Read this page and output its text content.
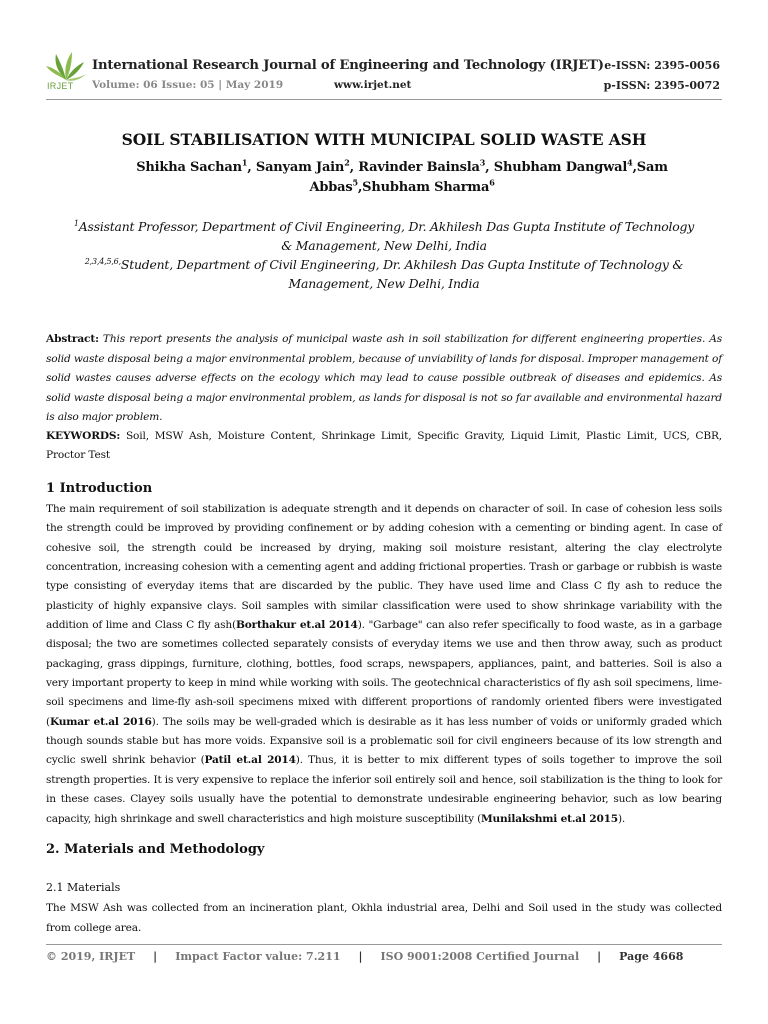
IRJET
International Research Journal of Engineering and Technology (IRJET)
Volume: 06 Issue: 05 | May 2019	www.irjet.net
e-ISSN: 2395-0056
p-ISSN: 2395-0072
SOIL STABILISATION WITH MUNICIPAL SOLID WASTE ASH
Shikha Sachan$^1$, Sanyam Jain$^2$, Ravinder Bainsla$^3$, Shubham Dangwal$^4$,Sam Abbas$^5$,Shubham Sharma$^6$
$^1$Assistant Professor, Department of Civil Engineering, Dr. Akhilesh Das Gupta Institute of Technology & Management, New Delhi, India
$^{2,3,4,5,6,}$Student, Department of Civil Engineering, Dr. Akhilesh Das Gupta Institute of Technology & Management, New Delhi, India
Abstract: This report presents the analysis of municipal waste ash in soil stabilization for different engineering properties. As solid waste disposal being a major environmental problem, because of unviability of lands for disposal. Improper management of solid wastes causes adverse effects on the ecology which may lead to cause possible outbreak of diseases and epidemics. As solid waste disposal being a major environmental problem, as lands for disposal is not so far available and environmental hazard is also major problem.
KEYWORDS: Soil, MSW Ash, Moisture Content, Shrinkage Limit, Specific Gravity, Liquid Limit, Plastic Limit, UCS, CBR, Proctor Test
1 Introduction
The main requirement of soil stabilization is adequate strength and it depends on character of soil. In case of cohesion less soils the strength could be improved by providing confinement or by adding cohesion with a cementing or binding agent. In case of cohesive soil, the strength could be increased by drying, making soil moisture resistant, altering the clay electrolyte concentration, increasing cohesion with a cementing agent and adding frictional properties. Trash or garbage or rubbish is waste type consisting of everyday items that are discarded by the public. They have used lime and Class C fly ash to reduce the plasticity of highly expansive clays. Soil samples with similar classification were used to show shrinkage variability with the addition of lime and Class C fly ash(Borthakur et.al 2014). "Garbage" can also refer specifically to food waste, as in a garbage disposal; the two are sometimes collected separately consists of everyday items we use and then throw away, such as product packaging, grass dippings, furniture, clothing, bottles, food scraps, newspapers, appliances, paint, and batteries. Soil is also a very important property to keep in mind while working with soils. The geotechnical characteristics of fly ash soil specimens, lime-soil specimens and lime-fly ash-soil specimens mixed with different proportions of randomly oriented fibers were investigated (Kumar et.al 2016). The soils may be well-graded which is desirable as it has less number of voids or uniformly graded which though sounds stable but has more voids. Expansive soil is a problematic soil for civil engineers because of its low strength and cyclic swell shrink behavior (Patil et.al 2014). Thus, it is better to mix different types of soils together to improve the soil strength properties. It is very expensive to replace the inferior soil entirely soil and hence, soil stabilization is the thing to look for in these cases. Clayey soils usually have the potential to demonstrate undesirable engineering behavior, such as low bearing capacity, high shrinkage and swell characteristics and high moisture susceptibility (Munilakshmi et.al 2015).
2. Materials and Methodology
2.1 Materials
The MSW Ash was collected from an incineration plant, Okhla industrial area, Delhi and Soil used in the study was collected from college area.
© 2019, IRJET | Impact Factor value: 7.211 | ISO 9001:2008 Certified Journal | Page 4668
